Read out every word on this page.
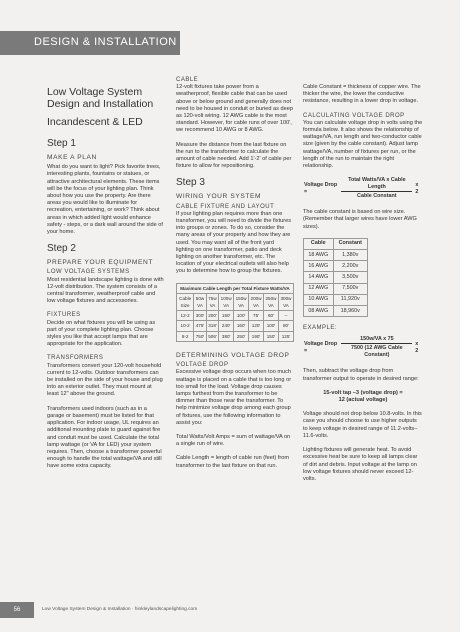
DESIGN & INSTALLATION
Low Voltage System Design and Installation
Incandescent & LED
Step 1
MAKE A PLAN

What do you want to light? Pick favorite trees, interesting plants, fountains or statues, or attractive architectural elements. These items will be the focus of your lighting plan. Think about how you use the property. Are there areas you would like to illuminate for recreation, entertaining, or work? Think about areas in which added light would enhance safety - steps, or a dark wall around the side of your home.

Step 2
PREPARE YOUR EQUIPMENT
LOW VOLTAGE SYSTEMS

Most residential landscape lighting is done with 12-volt distribution. The system consists of a central transformer, weatherproof cable and low voltage fixtures and accessories.

FIXTURES

Decide on what fixtures you will be using as part of your complete lighting plan. Choose styles you like that accept lamps that are appropriate for the application.

TRANSFORMERS

Transformers convert your 120-volt household current to 12-volts. Outdoor transformers can be installed on the side of your house and plug into an exterior outlet. They must mount at least 12" above the ground.

Transformers used indoors (such as in a garage or basement) must be listed for that application. For indoor usage, UL requires an additional mounting plate to guard against fire and conduit must be used. Calculate the total lamp wattage (or VA for LED) your system requires. Then, choose a transformer powerful enough to handle the total wattage/VA and still have some extra capacity.

CABLE

12-volt fixtures take power from a weatherproof, flexible cable that can be used above or below ground and generally does not need to be housed in conduit or buried as deep as 120-volt wiring. 12 AWG cable is the most standard. However, for cable runs of over 100', we recommend 10 AWG or 8 AWG.

Measure the distance from the last fixture on the run to the transformer to calculate the amount of cable needed. Add 1'-2' of cable per fixture to allow for repositioning.

Step 3
WIRING YOUR SYSTEM
CABLE FIXTURE AND LAYOUT

If your lighting plan requires more than one transformer, you will need to divide the fixtures into groups or zones. To do so, consider the many areas of your property and how they are used. You may want all of the front yard lighting on one transformer, patio and deck lighting on another transformer, etc. The location of your electrical outlets will also help you to determine how to group the fixtures.

Maximum Cable Length per Total Fixture Watts/VA							
Cable Size	50w VA	75w VA	100w VA	150w VA	200w VA	250w VA	300w VA
12-2	300'	200'	150'	100'	75'	60'	--
10-2	475'	318'	240'	160'	120'	100'	80'
8-2	750'	506'	380'	250'	190'	150'	125'
DETERMINING VOLTAGE DROP
VOLTAGE DROP

Excessive voltage drop occurs when too much wattage is placed on a cable that is too long or too small for the load. Voltage drop causes lamps furthest from the transformer to be dimmer than those near the transformer. To help minimize voltage drop among each group of fixtures, use the following information to assist you:

Total Watts/Volt Amps = sum of wattage/VA on a single run of wire.

Cable Length = length of cable run (feet) from transformer to the last fixture on that run.

Cable Constant = thickness of copper wire. The thicker the wire, the lower the conductive resistance, resulting in a lower drop in voltage.

CALCULATING VOLTAGE DROP

You can calculate voltage drop in volts using the formula below. It also shows the relationship of wattage/VA, run length and two-conductor cable size (given by the cable constant). Adjust lamp wattage/VA, number of fixtures per run, or the length of the run to maintain the right relationship.

Voltage Drop =	Total Watts/VA x Cable Length	x 2
Cable Constant

The cable constant is based on wire size. (Remember that larger wires have lower AWG sizes).

Cable	Constant
18 AWG	1,380v
16 AWG	2,200v
14 AWG	3,500v
12 AWG	7,500v
10 AWG	11,920v
08 AWG	18,960v
EXAMPLE:
Voltage Drop =	150w/VA x 75	x 2
7500 (12 AWG Cable Constant)

Then, subtract the voltage drop from transformer output to operate in desired range:

15-volt tap –3 (voltage drop) =

12 (actual voltage)

Voltage should not drop below 10.8-volts. In this case you should choose to use higher outputs to keep voltage in desired range of 11.2-volts–11.6-volts.

Lighting fixtures will generate heat. To avoid excessive heat be sure to keep all lamps clear of dirt and debris. Input voltage at the lamp on low voltage fixtures should never exceed 12-volts.

56	Low Voltage System Design & Installation · hinkleylandscapelighting.com
